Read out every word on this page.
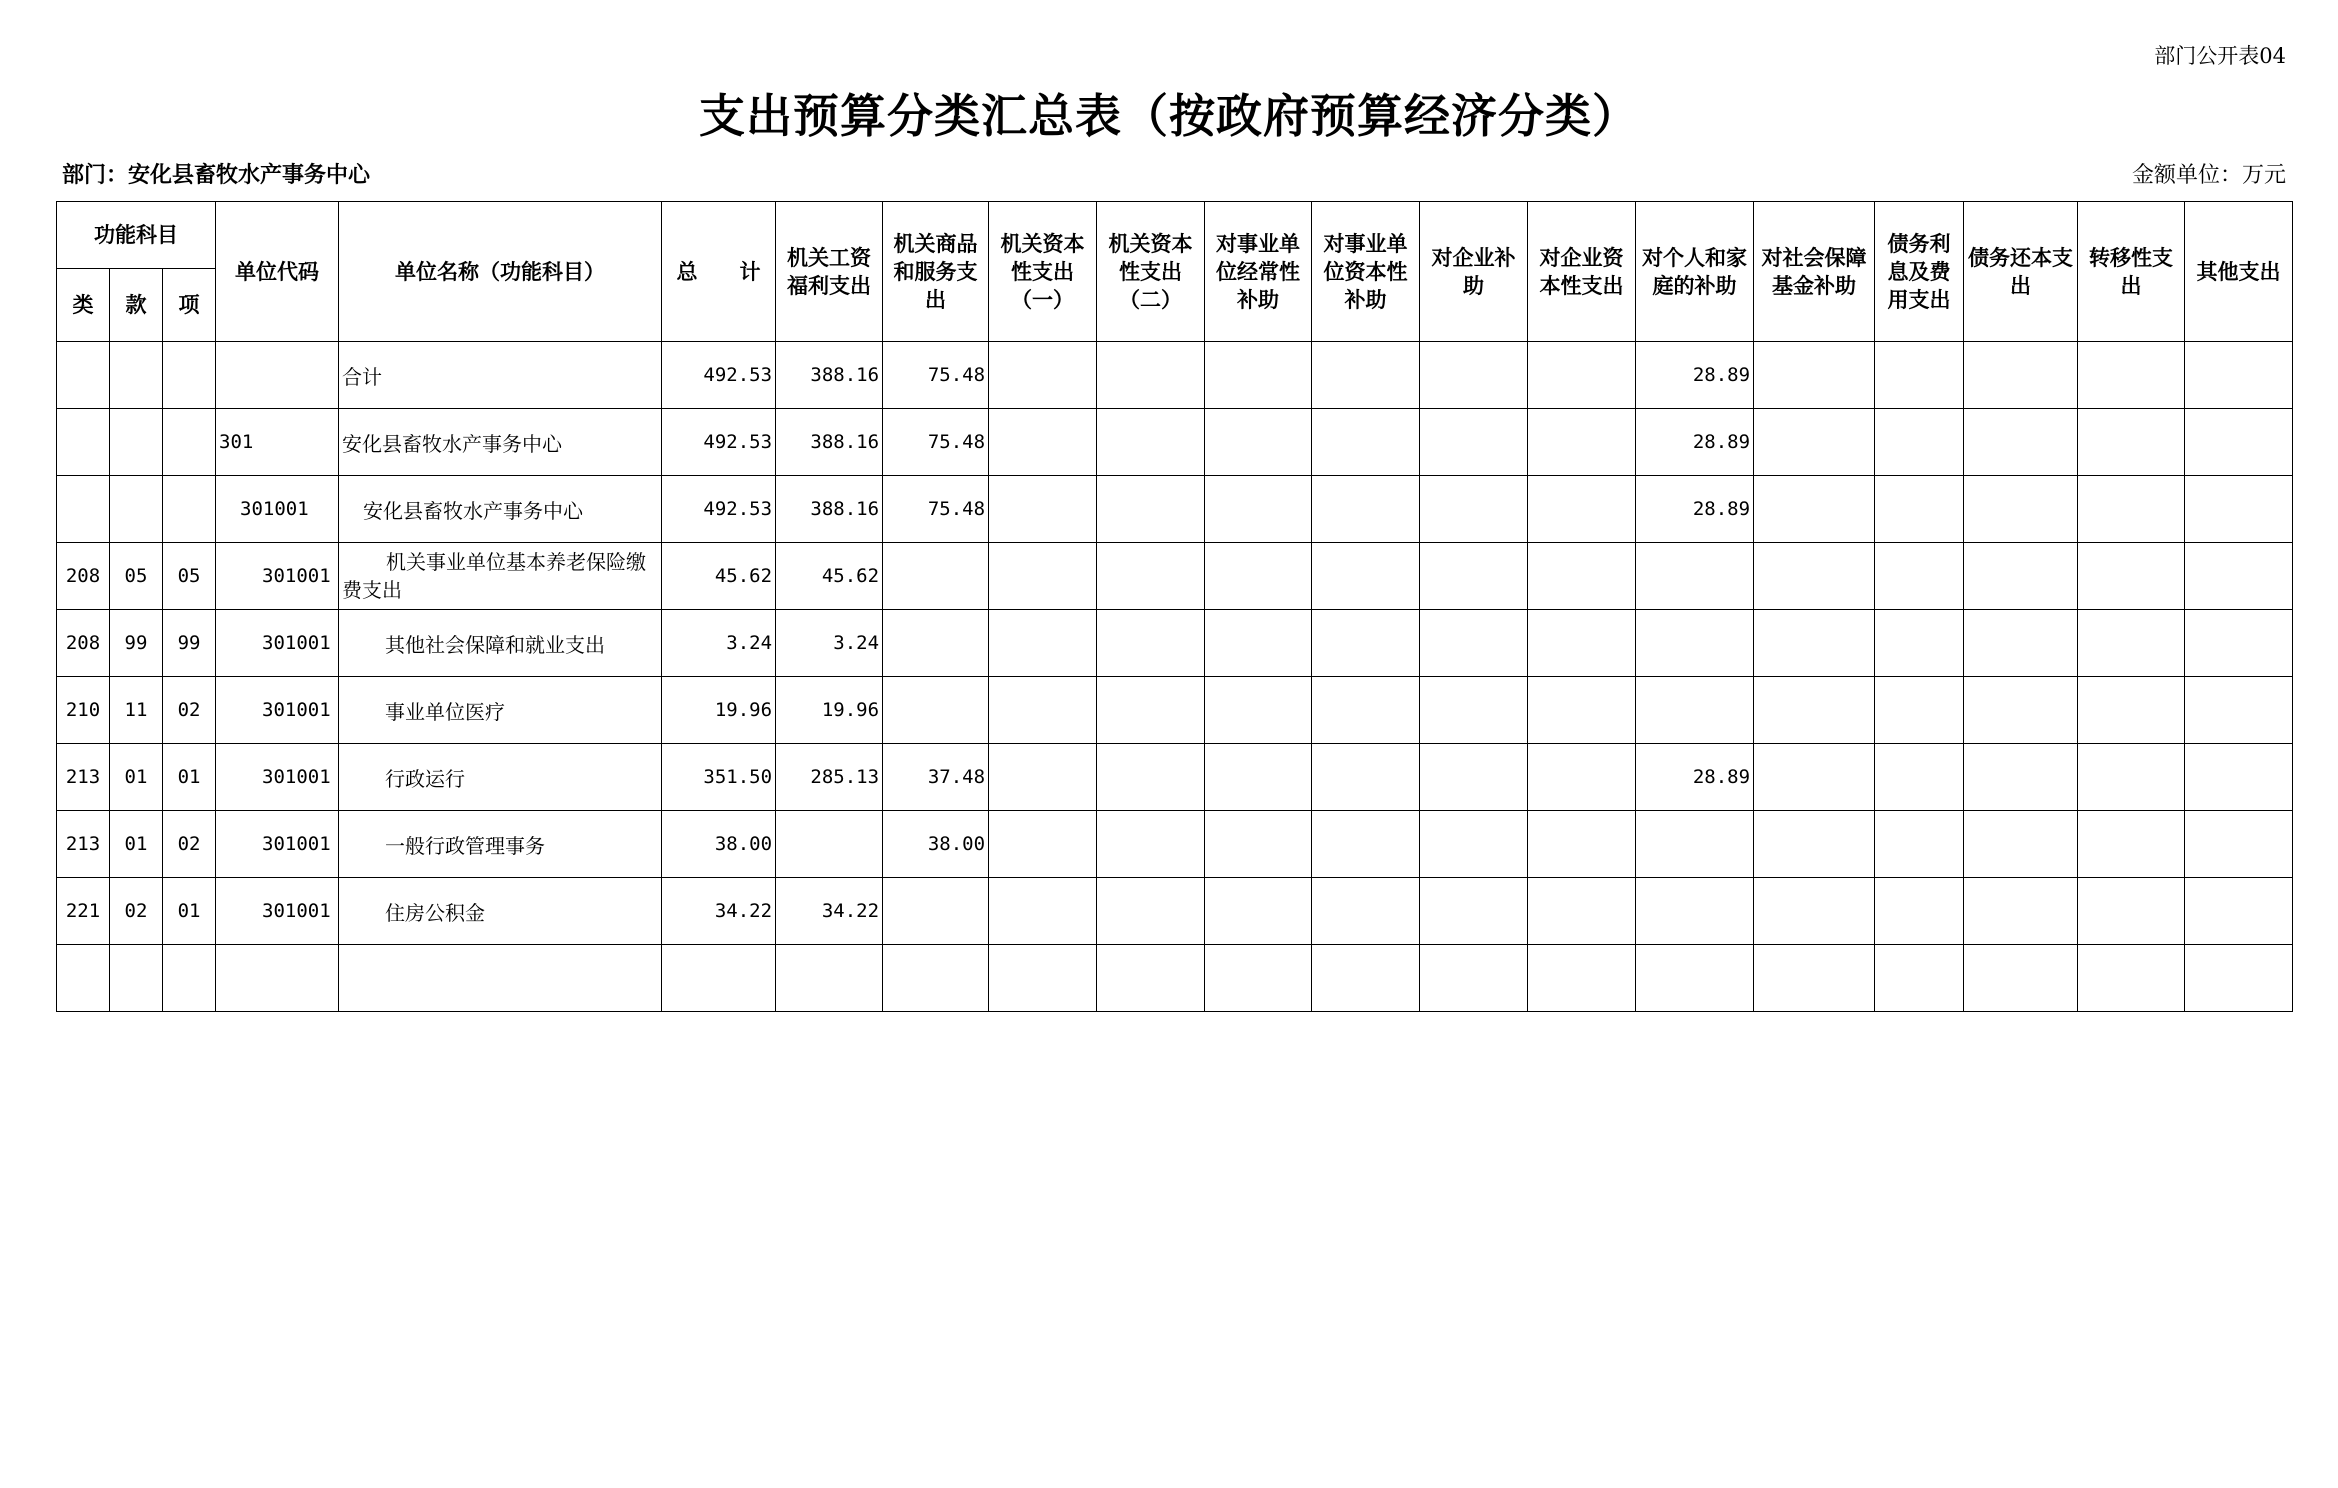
部门公开表04
支出预算分类汇总表（按政府预算经济分类）
部门：安化县畜牧水产事务中心	金额单位：万元
功能科目			单位代码	单位名称（功能科目）	总　　计	机关工资福利支出	机关商品和服务支出	机关资本性支出（一）	机关资本性支出（二）	对事业单位经常性补助	对事业单位资本性补助	对企业补助	对企业资本性支出	对个人和家庭的补助	对社会保障基金补助	债务利息及费用支出	债务还本支出	转移性支出	其他支出
类	款	项																	
				合计	492.53	388.16	75.48							28.89					
			301	安化县畜牧水产事务中心	492.53	388.16	75.48							28.89					
			301001	安化县畜牧水产事务中心	492.53	388.16	75.48							28.89					
208	05	05	301001	机关事业单位基本养老保险缴费支出	45.62	45.62													
208	99	99	301001	其他社会保障和就业支出	3.24	3.24													
210	11	02	301001	事业单位医疗	19.96	19.96													
213	01	01	301001	行政运行	351.50	285.13	37.48							28.89					
213	01	02	301001	一般行政管理事务	38.00		38.00												
221	02	01	301001	住房公积金	34.22	34.22													
